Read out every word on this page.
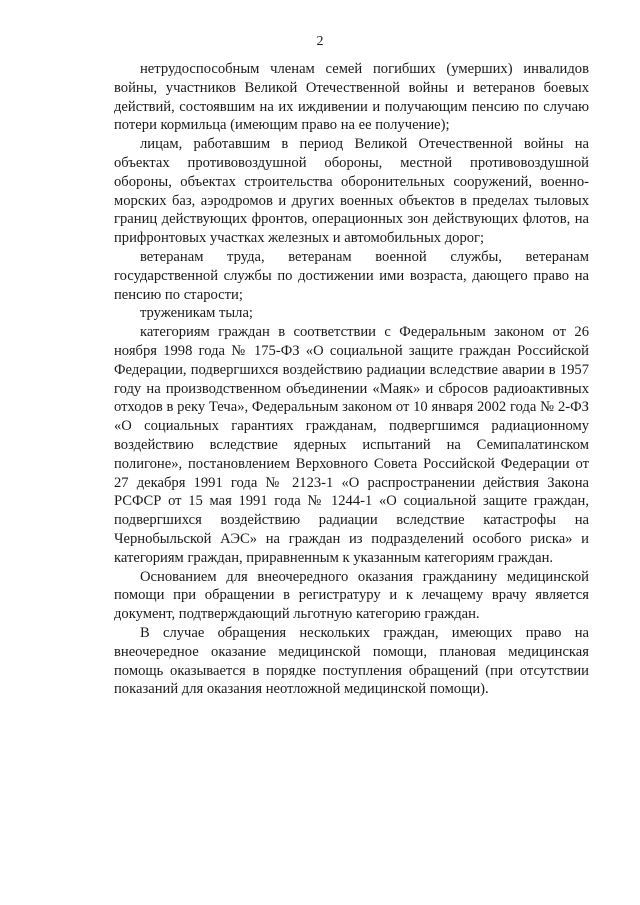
2

нетрудоспособным членам семей погибших (умерших) инвалидов войны, участников Великой Отечественной войны и ветеранов боевых действий, состоявшим на их иждивении и получающим пенсию по случаю потери кормильца (имеющим право на ее получение);

лицам, работавшим в период Великой Отечественной войны на объектах противовоздушной обороны, местной противовоздушной обороны, объектах строительства оборонительных сооружений, военно-морских баз, аэродромов и других военных объектов в пределах тыловых границ действующих фронтов, операционных зон действующих флотов, на прифронтовых участках железных и автомобильных дорог;

ветеранам труда, ветеранам военной службы, ветеранам государственной службы по достижении ими возраста, дающего право на пенсию по старости;

труженикам тыла;

категориям граждан в соответствии с Федеральным законом от 26 ноября 1998 года № 175-ФЗ «О социальной защите граждан Российской Федерации, подвергшихся воздействию радиации вследствие аварии в 1957 году на производственном объединении «Маяк» и сбросов радиоактивных отходов в реку Теча», Федеральным законом от 10 января 2002 года № 2-ФЗ «О социальных гарантиях гражданам, подвергшимся радиационному воздействию вследствие ядерных испытаний на Семипалатинском полигоне», постановлением Верховного Совета Российской Федерации от 27 декабря 1991 года № 2123-1 «О распространении действия Закона РСФСР от 15 мая 1991 года № 1244-1 «О социальной защите граждан, подвергшихся воздействию радиации вследствие катастрофы на Чернобыльской АЭС» на граждан из подразделений особого риска» и категориям граждан, приравненным к указанным категориям граждан.

Основанием для внеочередного оказания гражданину медицинской помощи при обращении в регистратуру и к лечащему врачу является документ, подтверждающий льготную категорию граждан.

В случае обращения нескольких граждан, имеющих право на внеочередное оказание медицинской помощи, плановая медицинская помощь оказывается в порядке поступления обращений (при отсутствии показаний для оказания неотложной медицинской помощи).
